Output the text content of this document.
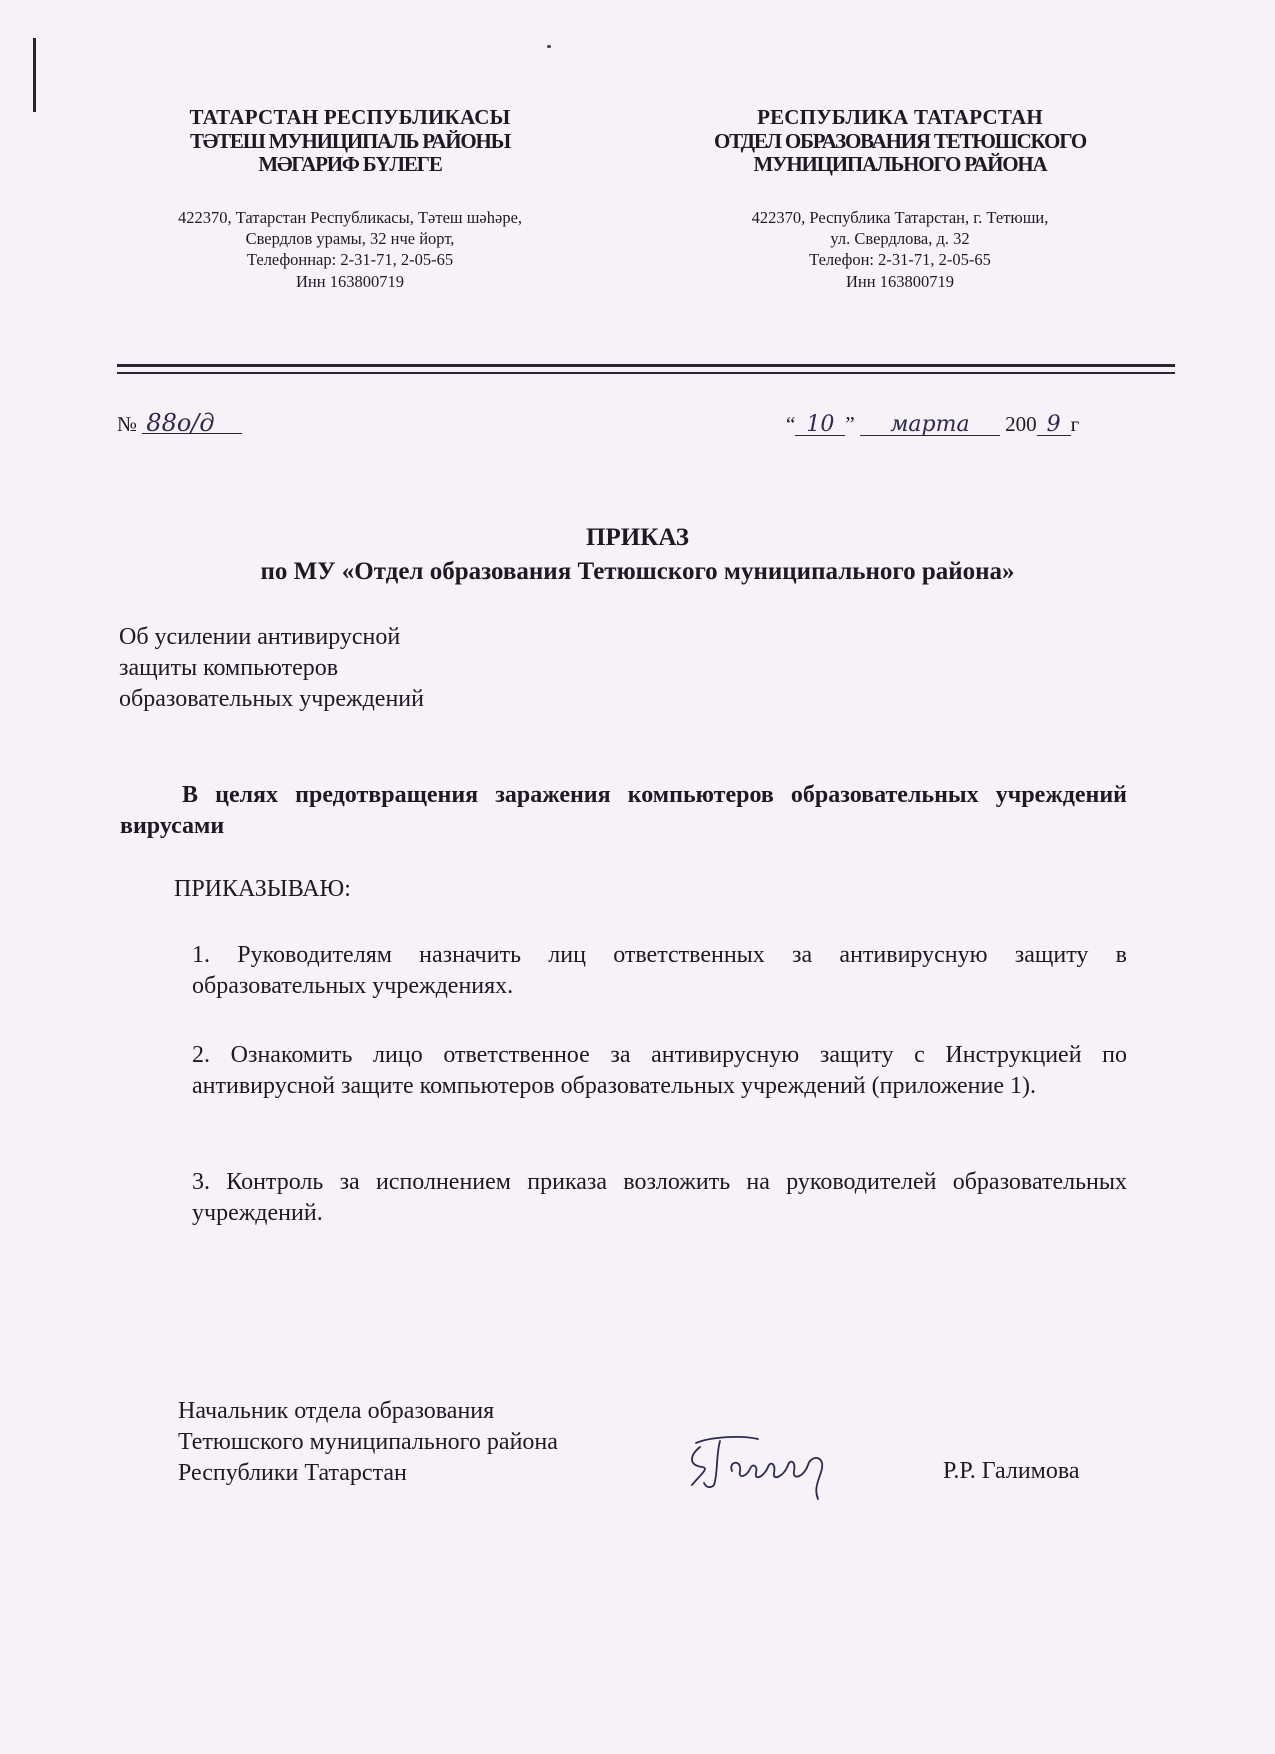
ТАТАРСТАН РЕСПУБЛИКАСЫ
ТӘТЕШ МУНИЦИПАЛЬ РАЙОНЫ
МӘГАРИФ БҮЛЕГЕ
422370, Татарстан Республикасы, Тәтеш шәһәре,
Свердлов урамы, 32 нче йорт,
Телефоннар: 2-31-71, 2-05-65
Инн 163800719
РЕСПУБЛИКА ТАТАРСТАН
ОТДЕЛ ОБРАЗОВАНИЯ ТЕТЮШСКОГО
МУНИЦИПАЛЬНОГО РАЙОНА
422370, Республика Татарстан, г. Тетюши,
ул. Свердлова, д. 32
Телефон: 2-31-71, 2-05-65
Инн 163800719
№ 88о/д	“ 10 ” марта 200 9 г
ПРИКАЗ
по МУ «Отдел образования Тетюшского муниципального района»
Об усилении антивирусной
защиты компьютеров
образовательных учреждений
В целях предотвращения заражения компьютеров образовательных учреждений вирусами
ПРИКАЗЫВАЮ:
1. Руководителям назначить лиц ответственных за антивирусную защиту в образовательных учреждениях.
2. Ознакомить лицо ответственное за антивирусную защиту с Инструкцией по антивирусной защите компьютеров образовательных учреждений (приложение 1).
3. Контроль за исполнением приказа возложить на руководителей образовательных учреждений.
Начальник отдела образования
Тетюшского муниципального района
Республики Татарстан	Р.Р. Галимова
